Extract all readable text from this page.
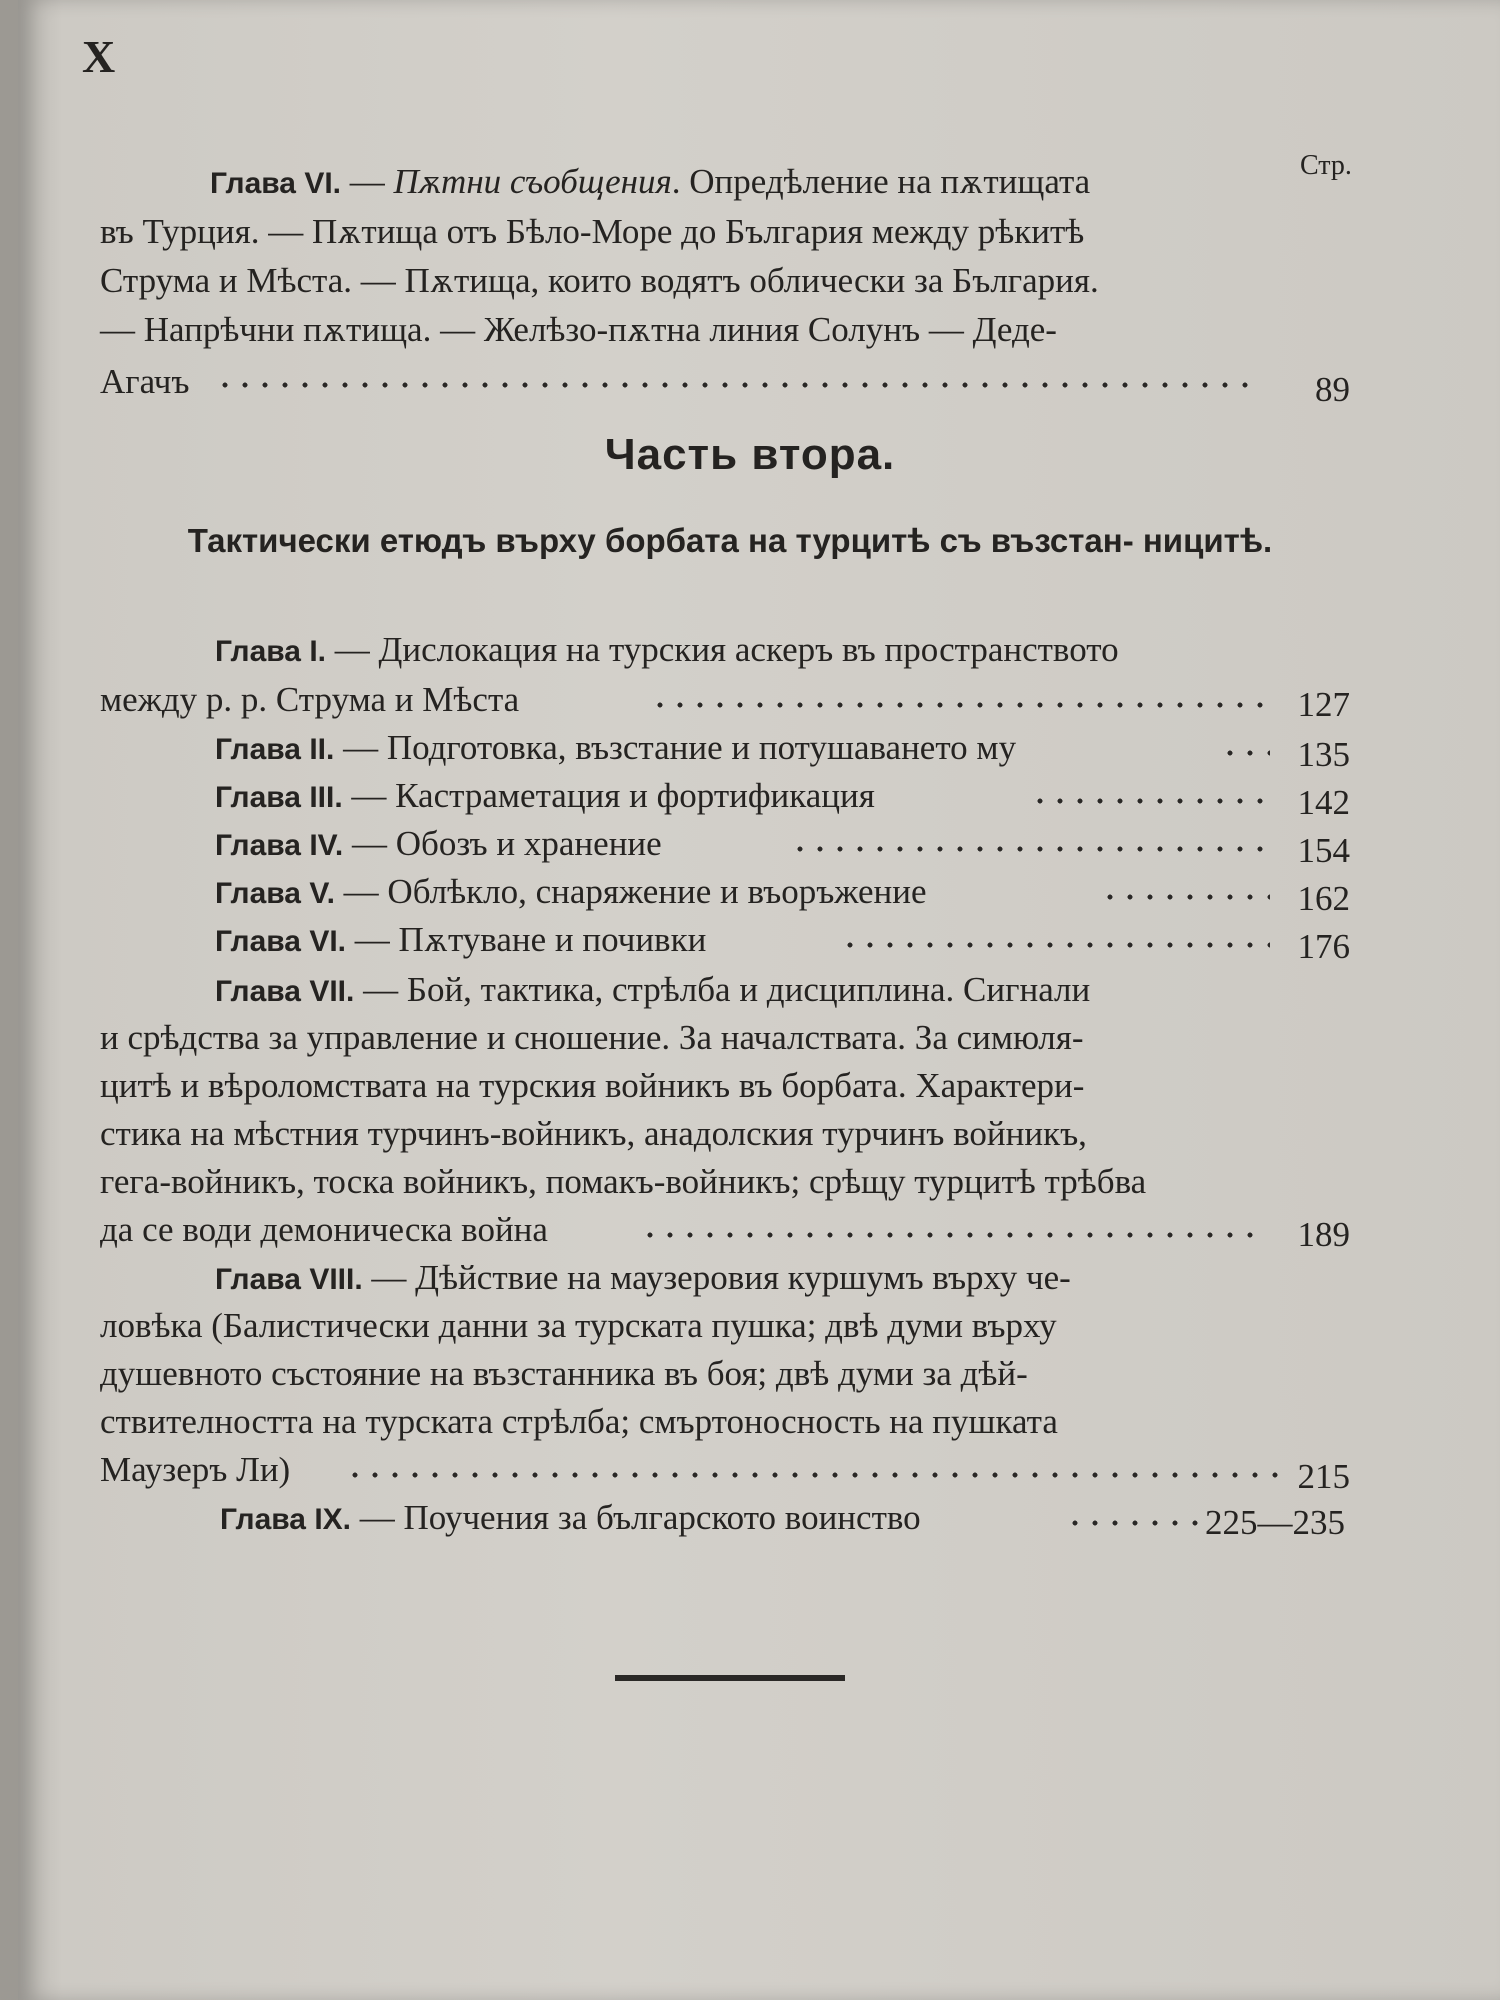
X
Стр.
Глава VI. — Пѫтни съобщения. Опредѣление на пѫтищата
въ Турция. — Пѫтища отъ Бѣло-Море до България между рѣкитѣ
Струма и Мѣста. — Пѫтища, които водятъ облически за България.
— Напрѣчни пѫтища. — Желѣзо-пѫтна линия Солунъ — Деде-
Агачъ	89
Часть втора.
Тактически етюдъ върху борбата на турцитѣ съ възстан- ницитѣ.
Глава I. — Дислокация на турския аскеръ въ пространството
между р. р. Струма и Мѣста	127
Глава II. — Подготовка, възстание и потушаването му	135
Глава III. — Кастраметация и фортификация	142
Глава IV. — Обозъ и хранение	154
Глава V. — Облѣкло, снаряжение и въоръжение	162
Глава VI. — Пѫтуване и почивки	176
Глава VII. — Бой, тактика, стрѣлба и дисциплина. Сигнали
и срѣдства за управление и сношение. За началствата. За симюля-
цитѣ и вѣроломствата на турския войникъ въ борбата. Характери-
стика на мѣстния турчинъ-войникъ, анадолския турчинъ войникъ,
гега-войникъ, тоска войникъ, помакъ-войникъ; срѣщу турцитѣ трѣбва
да се води демоническа война	189
Глава VIII. — Дѣйствие на маузеровия куршумъ върху че-
ловѣка (Балистически данни за турската пушка; двѣ думи върху
душевното състояние на възстанника въ боя; двѣ думи за дѣй-
ствителността на турската стрѣлба; смъртоносность на пушката
Маузеръ Ли)	215
Глава IX. — Поучения за българското воинство	225—235
